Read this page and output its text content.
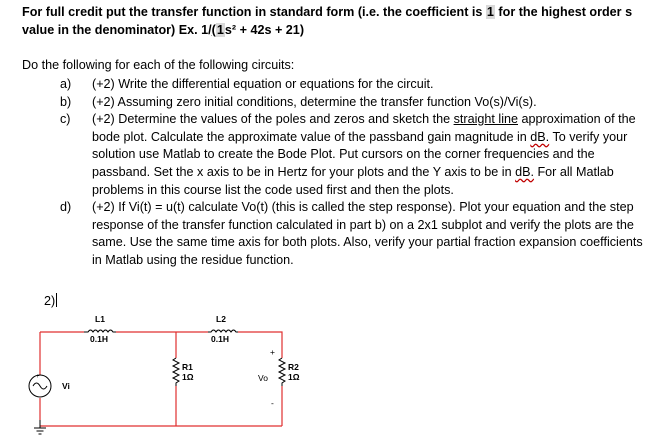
For full credit put the transfer function in standard form (i.e. the coefficient is 1 for the highest order s
value in the denominator) Ex. 1/(1s² + 42s + 21)
Do the following for each of the following circuits:
a) (+2) Write the differential equation or equations for the circuit.
b) (+2) Assuming zero initial conditions, determine the transfer function Vo(s)/Vi(s).
c) (+2) Determine the values of the poles and zeros and sketch the straight line approximation of the bode plot. Calculate the approximate value of the passband gain magnitude in dB. To verify your solution use Matlab to create the Bode Plot. Put cursors on the corner frequencies and the passband. Set the x axis to be in Hertz for your plots and the Y axis to be in dB. For all Matlab problems in this course list the code used first and then the plots.
d) (+2) If Vi(t) = u(t) calculate Vo(t) (this is called the step response). Plot your equation and the step response of the transfer function calculated in part b) on a 2x1 subplot and verify the plots are the same. Use the same time axis for both plots. Also, verify your partial fraction expansion coefficients in Matlab using the residue function.
2)
L1
0.1H
L2
0.1H
R1
1Ω
R2
1Ω
+
Vo
-
+
Vi
